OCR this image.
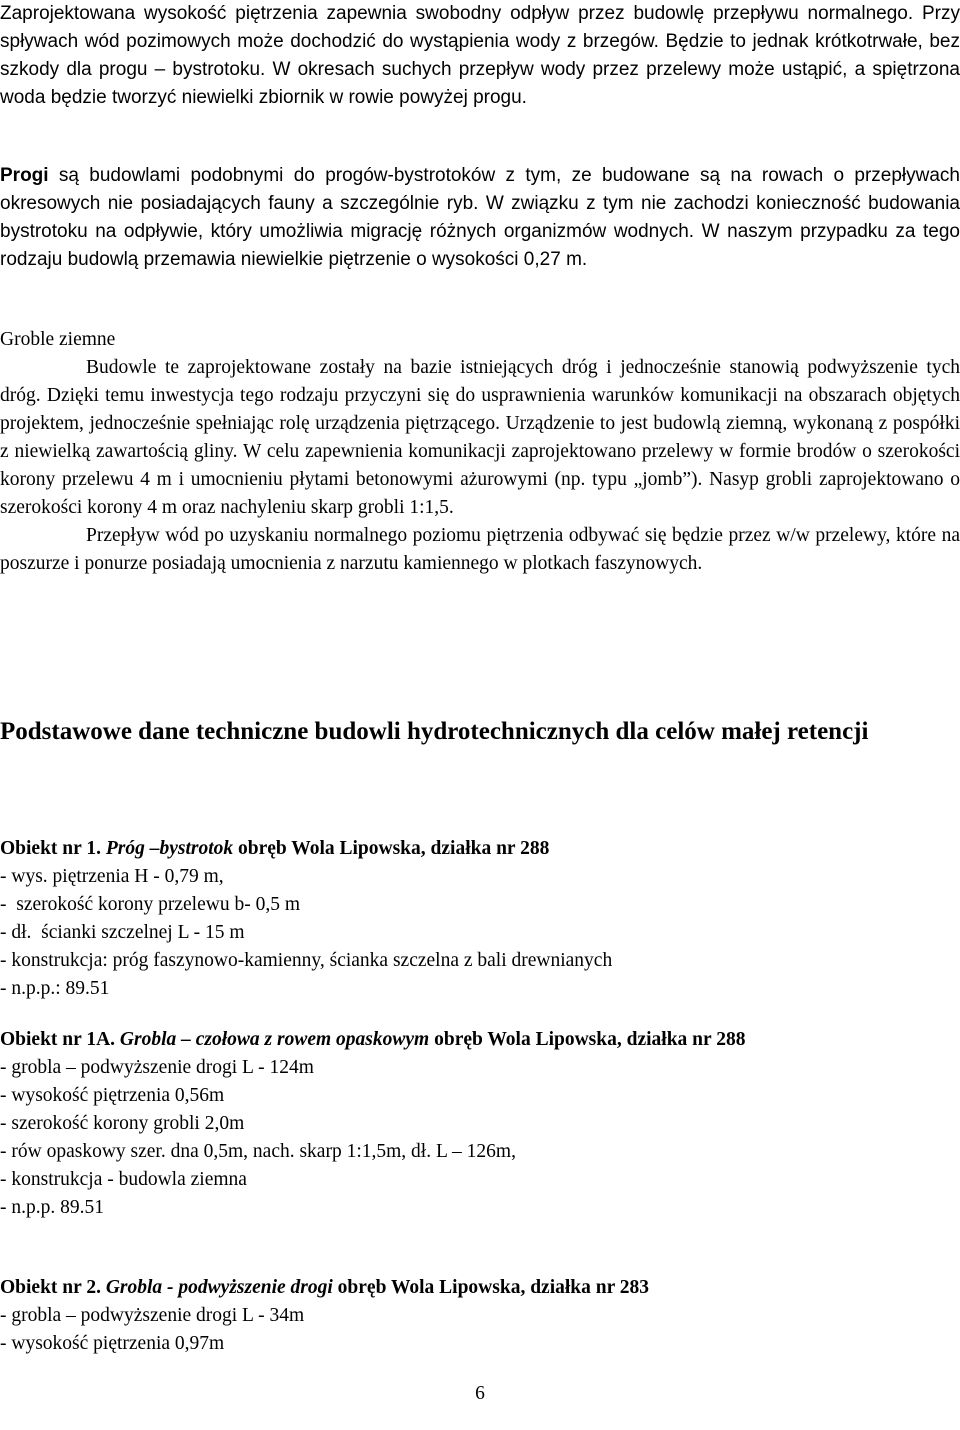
Zaprojektowana wysokość piętrzenia zapewnia swobodny odpływ przez budowlę przepływu normalnego. Przy spływach wód pozimowych może dochodzić do wystąpienia wody z brzegów. Będzie to jednak krótkotrwałe, bez szkody dla progu – bystrotoku. W okresach suchych przepływ wody przez przelewy może ustąpić, a spiętrzona woda będzie tworzyć niewielki zbiornik w rowie powyżej progu.

Progi są budowlami podobnymi do progów-bystrotoków z tym, ze budowane są na rowach o przepływach okresowych nie posiadających fauny a szczególnie ryb. W związku z tym nie zachodzi konieczność budowania bystrotoku na odpływie, który umożliwia migrację różnych organizmów wodnych. W naszym przypadku za tego rodzaju budowlą przemawia niewielkie piętrzenie o wysokości 0,27 m.

Groble ziemne

Budowle te zaprojektowane zostały na bazie istniejących dróg i jednocześnie stanowią podwyższenie tych dróg. Dzięki temu inwestycja tego rodzaju przyczyni się do usprawnienia warunków komunikacji na obszarach objętych projektem, jednocześnie spełniając rolę urządzenia piętrzącego. Urządzenie to jest budowlą ziemną, wykonaną z pospółki z niewielką zawartością gliny. W celu zapewnienia komunikacji zaprojektowano przelewy w formie brodów o szerokości korony przelewu 4 m i umocnieniu płytami betonowymi ażurowymi (np. typu „jomb”). Nasyp grobli zaprojektowano o szerokości korony 4 m oraz nachyleniu skarp grobli 1:1,5.

Przepływ wód po uzyskaniu normalnego poziomu piętrzenia odbywać się będzie przez w/w przelewy, które na poszurze i ponurze posiadają umocnienia z narzutu kamiennego w plotkach faszynowych.

Podstawowe dane techniczne budowli hydrotechnicznych dla celów małej retencji

Obiekt nr 1. Próg –bystrotok obręb Wola Lipowska, działka nr 288

- wys. piętrzenia H - 0,79 m,

-  szerokość korony przelewu b- 0,5 m

- dł.  ścianki szczelnej L - 15 m

- konstrukcja: próg faszynowo-kamienny, ścianka szczelna z bali drewnianych

- n.p.p.: 89.51

Obiekt nr 1A. Grobla – czołowa z rowem opaskowym obręb Wola Lipowska, działka nr 288

- grobla – podwyższenie drogi L - 124m

- wysokość piętrzenia 0,56m

- szerokość korony grobli 2,0m

- rów opaskowy szer. dna 0,5m, nach. skarp 1:1,5m, dł. L – 126m,

- konstrukcja - budowla ziemna

- n.p.p. 89.51

Obiekt nr 2. Grobla - podwyższenie drogi obręb Wola Lipowska, działka nr 283

- grobla – podwyższenie drogi L - 34m

- wysokość piętrzenia 0,97m

6
